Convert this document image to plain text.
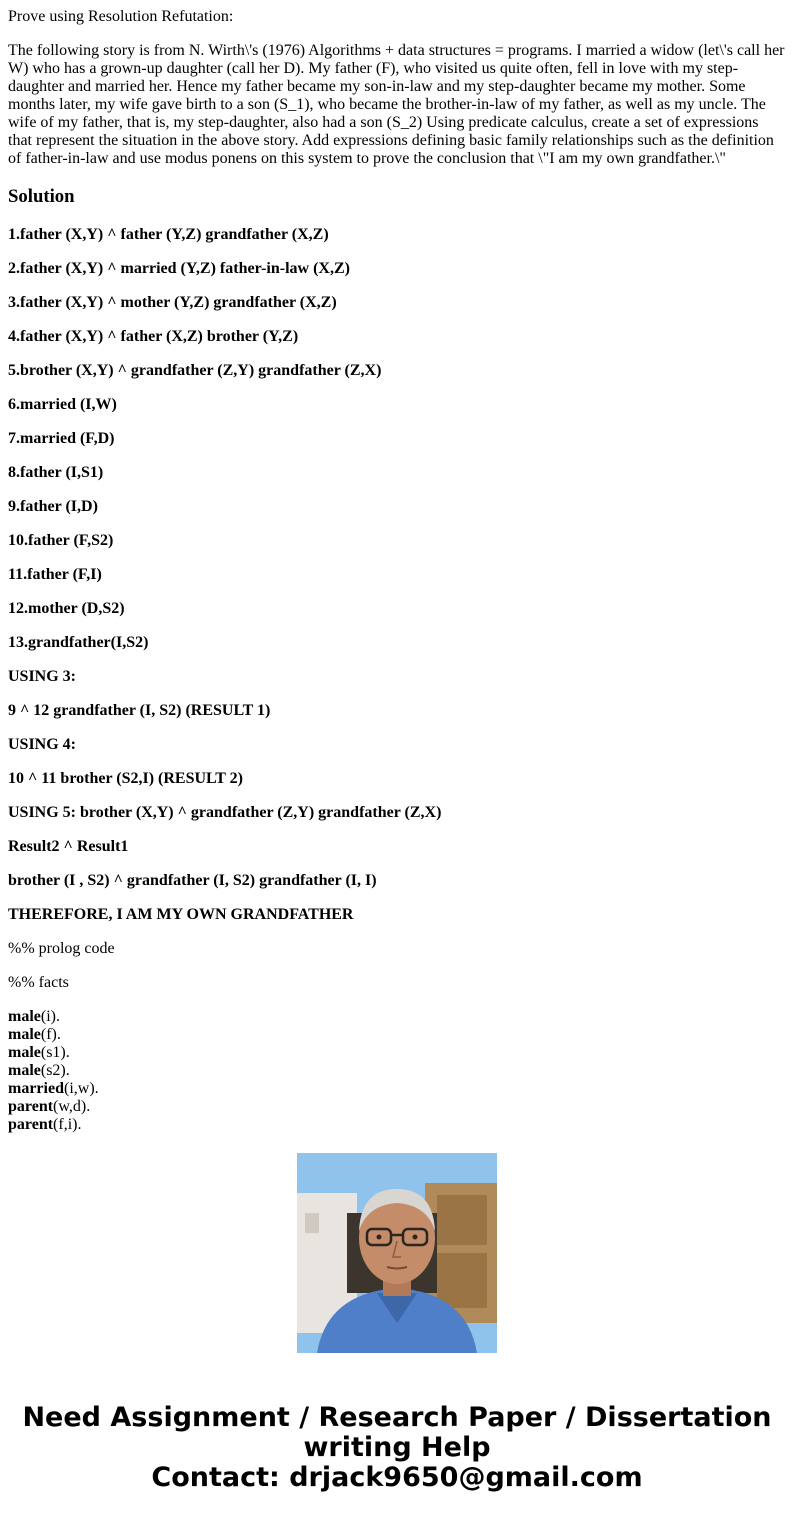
Prove using Resolution Refutation:

The following story is from N. Wirth\'s (1976) Algorithms + data structures = programs. I married a widow (let\'s call her W) who has a grown-up daughter (call her D). My father (F), who visited us quite often, fell in love with my step-daughter and married her. Hence my father became my son-in-law and my step-daughter became my mother. Some months later, my wife gave birth to a son (S_1), who became the brother-in-law of my father, as well as my uncle. The wife of my father, that is, my step-daughter, also had a son (S_2) Using predicate calculus, create a set of expressions that represent the situation in the above story. Add expressions defining basic family relationships such as the definition of father-in-law and use modus ponens on this system to prove the conclusion that \"I am my own grandfather.\"

Solution

1.father (X,Y) ^ father (Y,Z) grandfather (X,Z)

2.father (X,Y) ^ married (Y,Z) father-in-law (X,Z)

3.father (X,Y) ^ mother (Y,Z) grandfather (X,Z)

4.father (X,Y) ^ father (X,Z) brother (Y,Z)

5.brother (X,Y) ^ grandfather (Z,Y) grandfather (Z,X)

6.married (I,W)

7.married (F,D)

8.father (I,S1)

9.father (I,D)

10.father (F,S2)

11.father (F,I)

12.mother (D,S2)

13.grandfather(I,S2)

USING 3:

9 ^ 12 grandfather (I, S2) (RESULT 1)

USING 4:

10 ^ 11 brother (S2,I) (RESULT 2)

USING 5: brother (X,Y) ^ grandfather (Z,Y) grandfather (Z,X)

Result2 ^ Result1

brother (I , S2) ^ grandfather (I, S2) grandfather (I, I)

THEREFORE, I AM MY OWN GRANDFATHER

%% prolog code

%% facts

male(i).
male(f).
male(s1).
male(s2).
married(i,w).
parent(w,d).
parent(f,i).
Need Assignment / Research Paper / Dissertation
writing Help
Contact: drjack9650@gmail.com
